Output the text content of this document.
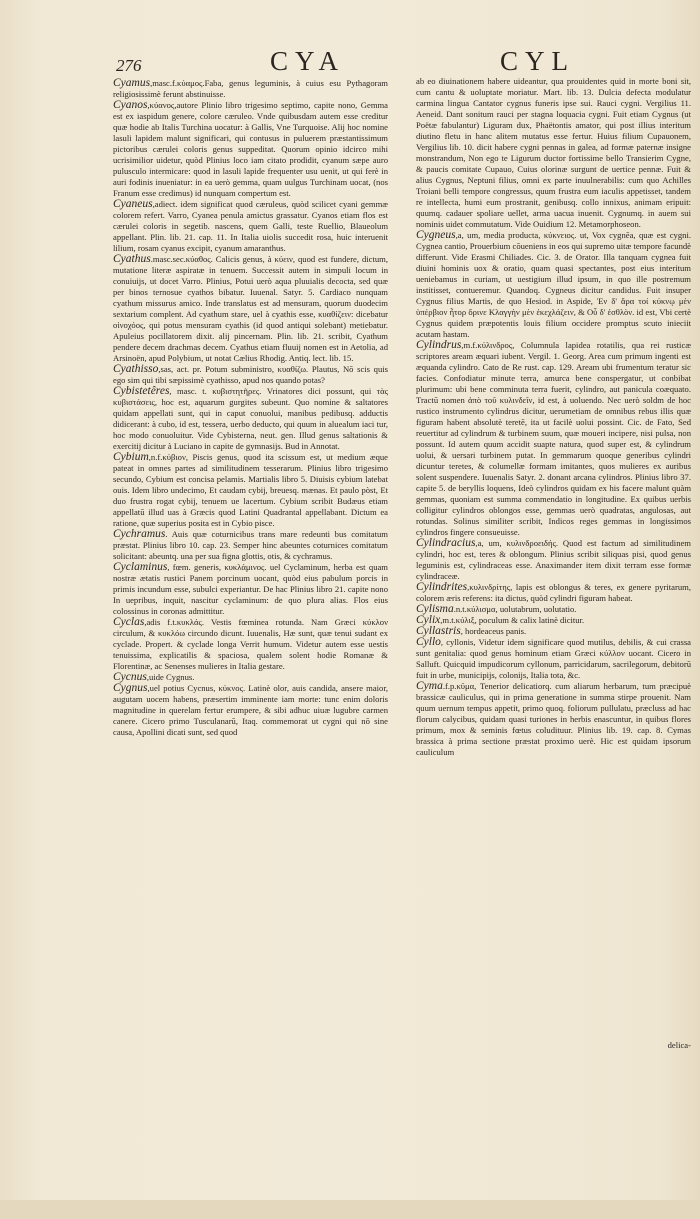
276	CYA	CYL

Cyamus,masc.f.κύαμος.Faba, genus leguminis, à cuius esu Pythagoram religiosissimè ferunt abstinuisse.

Cyanos,κύανος,autore Plinio libro trigesimo septimo, capite nono, Gemma est ex iaspidum genere, colore cæruleo. Vnde quibusdam autem esse creditur quæ hodie ab Italis Turchina uocatur: à Gallis, Vne Turquoise. Alij hoc nomine lasuli lapidem malunt significari, qui contusus in puluerem præstantissimum pictoribus cærulei coloris genus suppeditat. Quorum opinio idcirco mihi ucrisimilior uidetur, quòd Plinius loco iam citato prodidit, cyanum sæpe auro pulusculo intermicare: quod in lasuli lapide frequenter usu uenit, ut qui ferè in auri fodinis inueniatur: in ea uerò gemma, quam uulgus Turchinam uocat, (nos Franum esse credimus) id nunquam compertum est.

Cyaneus,adiect. idem significat quod cæruleus, quòd scilicet cyani gemmæ colorem refert. Varro, Cyanea penula amictus grassatur. Cyanos etiam flos est cærulei coloris in segetib. nascens, quem Galli, teste Ruellio, Blaueolum appellant. Plin. lib. 21. cap. 11. In Italia uiolis succedit rosa, huic interuenit lilium, rosam cyanus excipit, cyanum amaranthus.

Cyathus.masc.sec.κύαθος. Calicis genus, à κύειν, quod est fundere, dictum, mutatione literæ aspiratæ in tenuem. Successit autem in simpuli locum in conuiuijs, ut docet Varro. Plinius, Potui uerò aqua pluuialis decocta, sed quæ per binos ternosue cyathos bibatur. Iuuenal. Satyr. 5. Cardiaco nunquam cyathum missurus amico. Inde translatus est ad mensuram, quorum duodecim sextarium complent. Ad cyathum stare, uel à cyathis esse, κυαθίζειν: dicebatur οἰνοχόος, qui potus mensuram cyathis (id quod antiqui solebant) metiebatur. Apuleius pocillatorem dixit. alij pincernam. Plin. lib. 21. scribit, Cyathum pendere decem drachmas decem. Cyathus etiam fluuij nomen est in Aetolia, ad Arsinoën, apud Polybium, ut notat Cælius Rhodig. Antiq. lect. lib. 15.

Cyathisso,sas, act. pr. Potum subministro, κυαθίζω. Plautus, Nō scis quis ego sim qui tibi sæpissimè cyathisso, apud nos quando potas?

Cybistetêres, masc. t. κυβιστητῆρες. Vrinatores dici possunt, qui τὰς κυβιστάσεις, hoc est, aquarum gurgites subeunt. Quo nomine & saltatores quidam appellati sunt, qui in caput conuolui, manibus pedibusq. adductis didicerant: à cubo, id est, tessera, uerbo deducto, qui quum in aluealum iaci tur, hoc modo conuoluitur. Vide Cybisterna, neut. gen. Illud genus saltationis & exercitij dicitur à Luciano in capite de gymnasijs. Bud in Annotat.

Cybium,n.f.κύβιον, Piscis genus, quod ita scissum est, ut medium æque pateat in omnes partes ad similitudinem tesserarum. Plinius libro trigesimo secundo, Cybium est concisa pelamis. Martialis libro 5. Diuisis cybium latebat ouis. Idem libro undecimo, Et caudam cybij, breuesq. mænas. Et paulo pòst, Et duo frustra rogat cybij, tenuem ue lacertum. Cybium scribit Budæus etiam appellatū illud uas à Græcis quod Latini Quadrantal appellabant. Dictum ea ratione, quæ superius posita est in Cybio pisce.

Cychramus. Auis quæ coturnicibus trans mare redeunti bus comitatum præstat. Plinius libro 10. cap. 23. Semper hinc abeuntes coturnices comitatum solicitant: abeuntq. una per sua figna glottis, otis, & cychramus.

Cyclaminus, fœm. generis, κυκλάμινος. uel Cyclaminum, herba est quam nostræ ætatis rustici Panem porcinum uocant, quòd eius pabulum porcis in primis incundum esse, subulci experiantur. De hac Plinius libro 21. capite nono In uepribus, inquit, nascitur cyclaminum: de quo plura alias. Flos eius colossinus in coronas admittitur.

Cyclas,adis f.t.κυκλάς. Vestis fœminea rotunda. Nam Græci κύκλον circulum, & κυκλόω circundo dicunt. Iuuenalis, Hæ sunt, quæ tenui sudant ex cyclade. Propert. & cyclade longa Verrit humum. Videtur autem esse uestis tenuissima, explicatilis & spaciosa, qualem solent hodie Romanæ & Florentinæ, ac Senenses mulieres in Italia gestare.

Cycnus,uide Cygnus.

Cygnus,uel potius Cycnus, κύκνος. Latinè olor, auis candida, ansere maior, augutam uocem habens, præsertim imminente iam morte: tunc enim doloris magnitudine in querelam fertur erumpere, & sibi adhuc uiuæ lugubre carmen canere. Cicero primo Tusculanarū, Itaq. commemorat ut cygni qui nō sine causa, Apollini dicati sunt, sed quod

ab eo diuinationem habere uideantur, qua prouidentes quid in morte boni sit, cum cantu & uoluptate moriatur. Mart. lib. 13. Dulcia defecta modulatur carmina lingua Cantator cygnus funeris ipse sui. Rauci cygni. Vergilius 11. Aeneid. Dant sonitum rauci per stagna loquacia cygni. Fuit etiam Cygnus (ut Poëtæ fabulantur) Liguram dux, Phaëtontis amator, qui post illius interitum diutino fletu in hanc alitem mutatus esse fertur. Huius filium Cupauonem, Vergilius lib. 10. dicit habere cygni pennas in galea, ad formæ paternæ insigne monstrandum, Non ego te Ligurum ductor fortissime bello Transierim Cygne, & paucis comitate Cupauo, Cuius olorinæ surgunt de uertice pennæ. Fuit & alius Cygnus, Neptuni filius, omni ex parte inuulnerabilis: cum quo Achilles Troiani belli tempore congressus, quum frustra eum iaculis appetisset, tandem re intellecta, humi eum prostranit, genibusq. collo innixus, animam eripuit: quumq. cadauer spoliare uellet, arma uacua inuenit. Cygnumq. in auem sui nominis uidet commutatum. Vide Ouidium 12. Metamorphoseon.

Cygneus,a, um, media producta, κύκνειος. ut, Vox cygnēa, quæ est cygni. Cygnea cantio, Prouerbium cōueniens in eos qui supremo uitæ tempore facundè differunt. Vide Erasmi Chiliades. Cic. 3. de Orator. Illa tanquam cygnea fuit diuini hominis uox & oratio, quam quasi spectantes, post eius interitum ueniebamus in curiam, ut uestigium illud ipsum, in quo ille postremum institisset, contueremur. Quandoq. Cygneus dicitur candidus. Fuit insuper Cygnus filius Martis, de quo Hesiod. in Aspide, Ἐν δ' ἄρα τοί κύκνῳ μὲν ὑπέρβιον ἦτορ ὄρινε Κλαγγὴν μὲν ἐκεχλάζειν, & Οὗ δ' ἐσθλὸν. id est, Vbi certè Cygnus quidem præpotentis louis filium occidere promptus scuto inieciit acutam hastam.

Cylindrus,m.f.κύλινδρος, Columnula lapidea rotatilis, qua rei rusticæ scriptores aream æquari iubent. Vergil. 1. Georg. Area cum primum ingenti est æquanda cylindro. Cato de Re rust. cap. 129. Aream ubi frumentum teratur sic facies. Confodiatur minute terra, amurca bene conspergatur, ut conbibat plurimum: ubi bene comminuta terra fuerit, cylindro, aut panicula coæquato. Tractū nomen ἀπὸ τοῦ κυλινδεῖν, id est, à uoluendo. Nec uerò soldm de hoc rustico instrumento cylindrus dicitur, uerumetiam de omnibus rebus illis quæ figuram habent absolutè teretē, ita ut facilè uolui possint. Cic. de Fato, Sed reuertitur ad cylindrum & turbinem suum, quæ moueri incipere, nisi pulsa, non possunt. Id autem quum accidit suapte natura, quod super est, & cylindrum uolui, & uersari turbinem putat. In gemmarum quoque generibus cylindri dicuntur teretes, & columellæ formam imitantes, quos mulieres ex auribus solent suspendere. Iuuenalis Satyr. 2. donant arcana cylindros. Plinius libro 37. capite 5. de beryllis loquens, Ideò cylindros quidam ex his facere malunt quàm gemmas, quoniam est summa commendatio in longitudine. Ex quibus uerbis colligitur cylindros oblongos esse, gemmas uerò quadratas, angulosas, aut rotundas. Solinus similiter scribit, Indicos reges gemmas in longissimos cylindros fingere consueuisse.

Cylindracius,a, um, κυλινδροειδής. Quod est factum ad similitudinem cylindri, hoc est, teres & oblongum. Plinius scribit siliquas pisi, quod genus leguminis est, cylindraceas esse. Anaximander item dixit terram esse formæ cylindraceæ.

Cylindrites,κυλινδρίτης, lapis est oblongus & teres, ex genere pyritarum, colorem æris referens: ita dictus, quòd cylindri figuram habeat.

Cylisma.n.t.κύλισμα, uolutabrum, uolutatio.

Cylix,m.t.κύλιξ, poculum & calix latinè dicitur.

Cyllastris, hordeaceus panis.

Cyllo, cyllonis, Videtur idem significare quod mutilus, debilis, & cui crassa sunt genitalia: quod genus hominum etiam Græci κύλλον uocant. Cicero in Salluft. Quicquid impudicorum cyllonum, parricidarum, sacrilegorum, debitorū fuit in urbe, municipijs, colonijs, Italia tota, &c.

Cyma.f.p.κῦμα, Tenerior delicatiorq. cum aliarum herbarum, tum præcipuè brassicæ cauliculus, qui in prima generatione in summa stirpe prouenit. Nam quum uernum tempus appetit, primo quoq. foliorum pullulatu, præcluss ad hac florum calycibus, quidam quasi turiones in herbis enascuntur, in quibus flores primum, mox & seminis fœtus coludituur. Plinius lib. 19. cap. 8. Cymas brassica à prima sectione præstat proximo uerè. Hic est quidam ipsorum cauliculum

delica-
